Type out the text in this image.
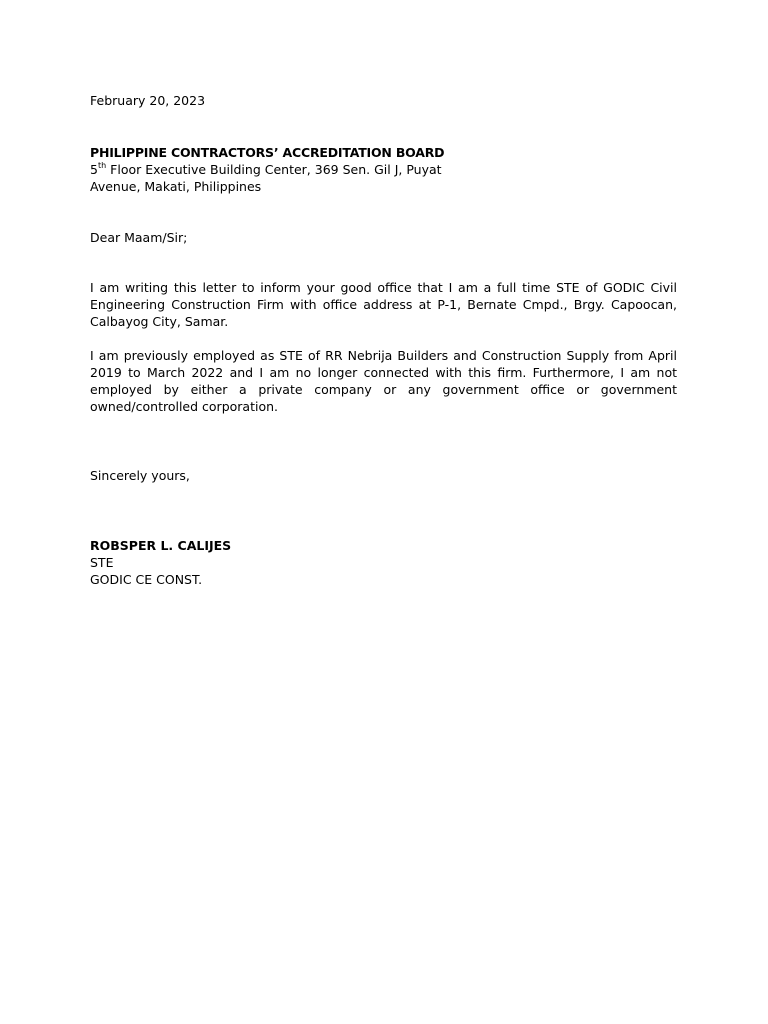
February 20, 2023
PHILIPPINE CONTRACTORS’ ACCREDITATION BOARD
5th Floor Executive Building Center, 369 Sen. Gil J, Puyat
Avenue, Makati, Philippines
Dear Maam/Sir;
I am writing this letter to inform your good office that I am a full time STE of GODIC Civil Engineering Construction Firm with office address at P-1, Bernate Cmpd., Brgy. Capoocan, Calbayog City, Samar.
I am previously employed as STE of RR Nebrija Builders and Construction Supply from April 2019 to March 2022 and I am no longer connected with this firm. Furthermore, I am not employed by either a private company or any government office or government owned/controlled corporation.
Sincerely yours,
ROBSPER L. CALIJES
STE
GODIC CE CONST.
